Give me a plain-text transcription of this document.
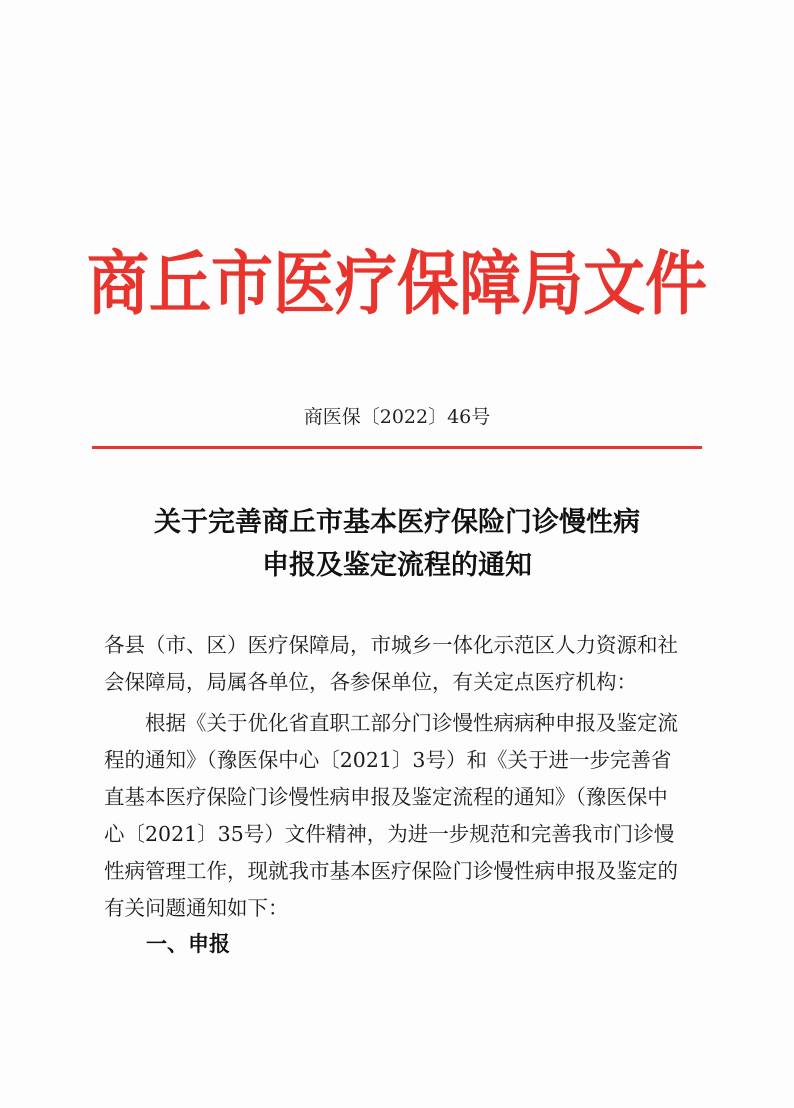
商丘市医疗保障局文件
商医保〔2022〕46号
关于完善商丘市基本医疗保险门诊慢性病
申报及鉴定流程的通知
各县（市、区）医疗保障局，市城乡一体化示范区人力资源和社
会保障局，局属各单位，各参保单位，有关定点医疗机构：
　　根据《关于优化省直职工部分门诊慢性病病种申报及鉴定流
程的通知》（豫医保中心〔2021〕3号）和《关于进一步完善省
直基本医疗保险门诊慢性病申报及鉴定流程的通知》（豫医保中
心〔2021〕35号）文件精神，为进一步规范和完善我市门诊慢
性病管理工作，现就我市基本医疗保险门诊慢性病申报及鉴定的
有关问题通知如下：
一、申报
